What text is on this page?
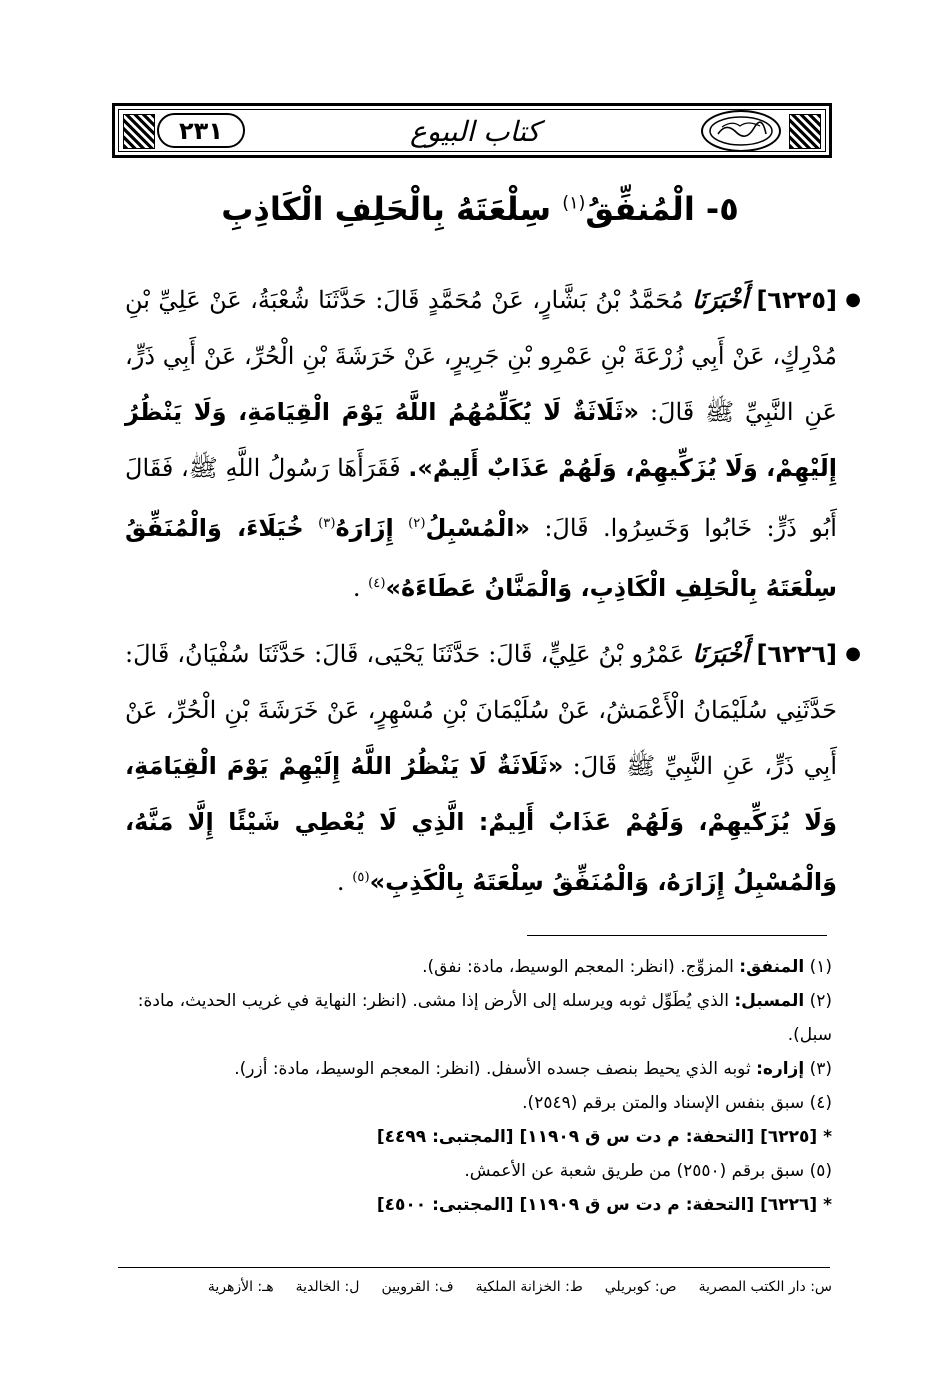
٢٣١	كتاب البيوع
٥- الْمُنفِّقُ$^{(١)}$ سِلْعَتَهُ بِالْحَلِفِ الْكَاذِبِ
●
[٦٢٢٥] أَخْبَرَنَا مُحَمَّدُ بْنُ بَشَّارٍ، عَنْ مُحَمَّدٍ قَالَ: حَدَّثَنَا شُعْبَةُ، عَنْ عَلِيِّ بْنِ مُدْرِكٍ، عَنْ أَبِي زُرْعَةَ بْنِ عَمْرِو بْنِ جَرِيرٍ، عَنْ خَرَشَةَ بْنِ الْحُرِّ، عَنْ أَبِي ذَرٍّ، عَنِ النَّبِيِّ ﷺ قَالَ: «ثَلَاثَةٌ لَا يُكَلِّمُهُمُ اللَّهُ يَوْمَ الْقِيَامَةِ، وَلَا يَنْظُرُ إِلَيْهِمْ، وَلَا يُزَكِّيهِمْ، وَلَهُمْ عَذَابٌ أَلِيمٌ». فَقَرَأَهَا رَسُولُ اللَّهِ ﷺ، فَقَالَ أَبُو ذَرٍّ: خَابُوا وَخَسِرُوا. قَالَ: «الْمُسْبِلُ$^{(٢)}$ إِزَارَهُ$^{(٣)}$ خُيَلَاءَ، وَالْمُنَفِّقُ سِلْعَتَهُ بِالْحَلِفِ الْكَاذِبِ، وَالْمَنَّانُ عَطَاءَهُ»$^{(٤)}$ .
●
[٦٢٢٦] أَخْبَرَنَا عَمْرُو بْنُ عَلِيٍّ، قَالَ: حَدَّثَنَا يَحْيَى، قَالَ: حَدَّثَنَا سُفْيَانُ، قَالَ: حَدَّثَنِي سُلَيْمَانُ الْأَعْمَشُ، عَنْ سُلَيْمَانَ بْنِ مُسْهِرٍ، عَنْ خَرَشَةَ بْنِ الْحُرِّ، عَنْ أَبِي ذَرٍّ، عَنِ النَّبِيِّ ﷺ قَالَ: «ثَلَاثَةٌ لَا يَنْظُرُ اللَّهُ إِلَيْهِمْ يَوْمَ الْقِيَامَةِ، وَلَا يُزَكِّيهِمْ، وَلَهُمْ عَذَابٌ أَلِيمٌ: الَّذِي لَا يُعْطِي شَيْئًا إِلَّا مَنَّهُ، وَالْمُسْبِلُ إِزَارَهُ، وَالْمُنَفِّقُ سِلْعَتَهُ بِالْكَذِبِ»$^{(٥)}$ .

(١) المنفق: المزوِّج. (انظر: المعجم الوسيط، مادة: نفق).

(٢) المسبل: الذي يُطَوِّل ثوبه ويرسله إلى الأرض إذا مشى. (انظر: النهاية في غريب الحديث، مادة: سبل).

(٣) إزاره: ثوبه الذي يحيط بنصف جسده الأسفل. (انظر: المعجم الوسيط، مادة: أزر).

(٤) سبق بنفس الإسناد والمتن برقم (٢٥٤٩).

* [٦٢٢٥] [التحفة: م دت س ق ١١٩٠٩] [المجتبى: ٤٤٩٩]

(٥) سبق برقم (٢٥٥٠) من طريق شعبة عن الأعمش.

* [٦٢٢٦] [التحفة: م دت س ق ١١٩٠٩] [المجتبى: ٤٥٠٠]

س: دار الكتب المصرية
ص: كوبريلي
ط: الخزانة الملكية
ف: القرويين
ل: الخالدية
هـ: الأزهرية
